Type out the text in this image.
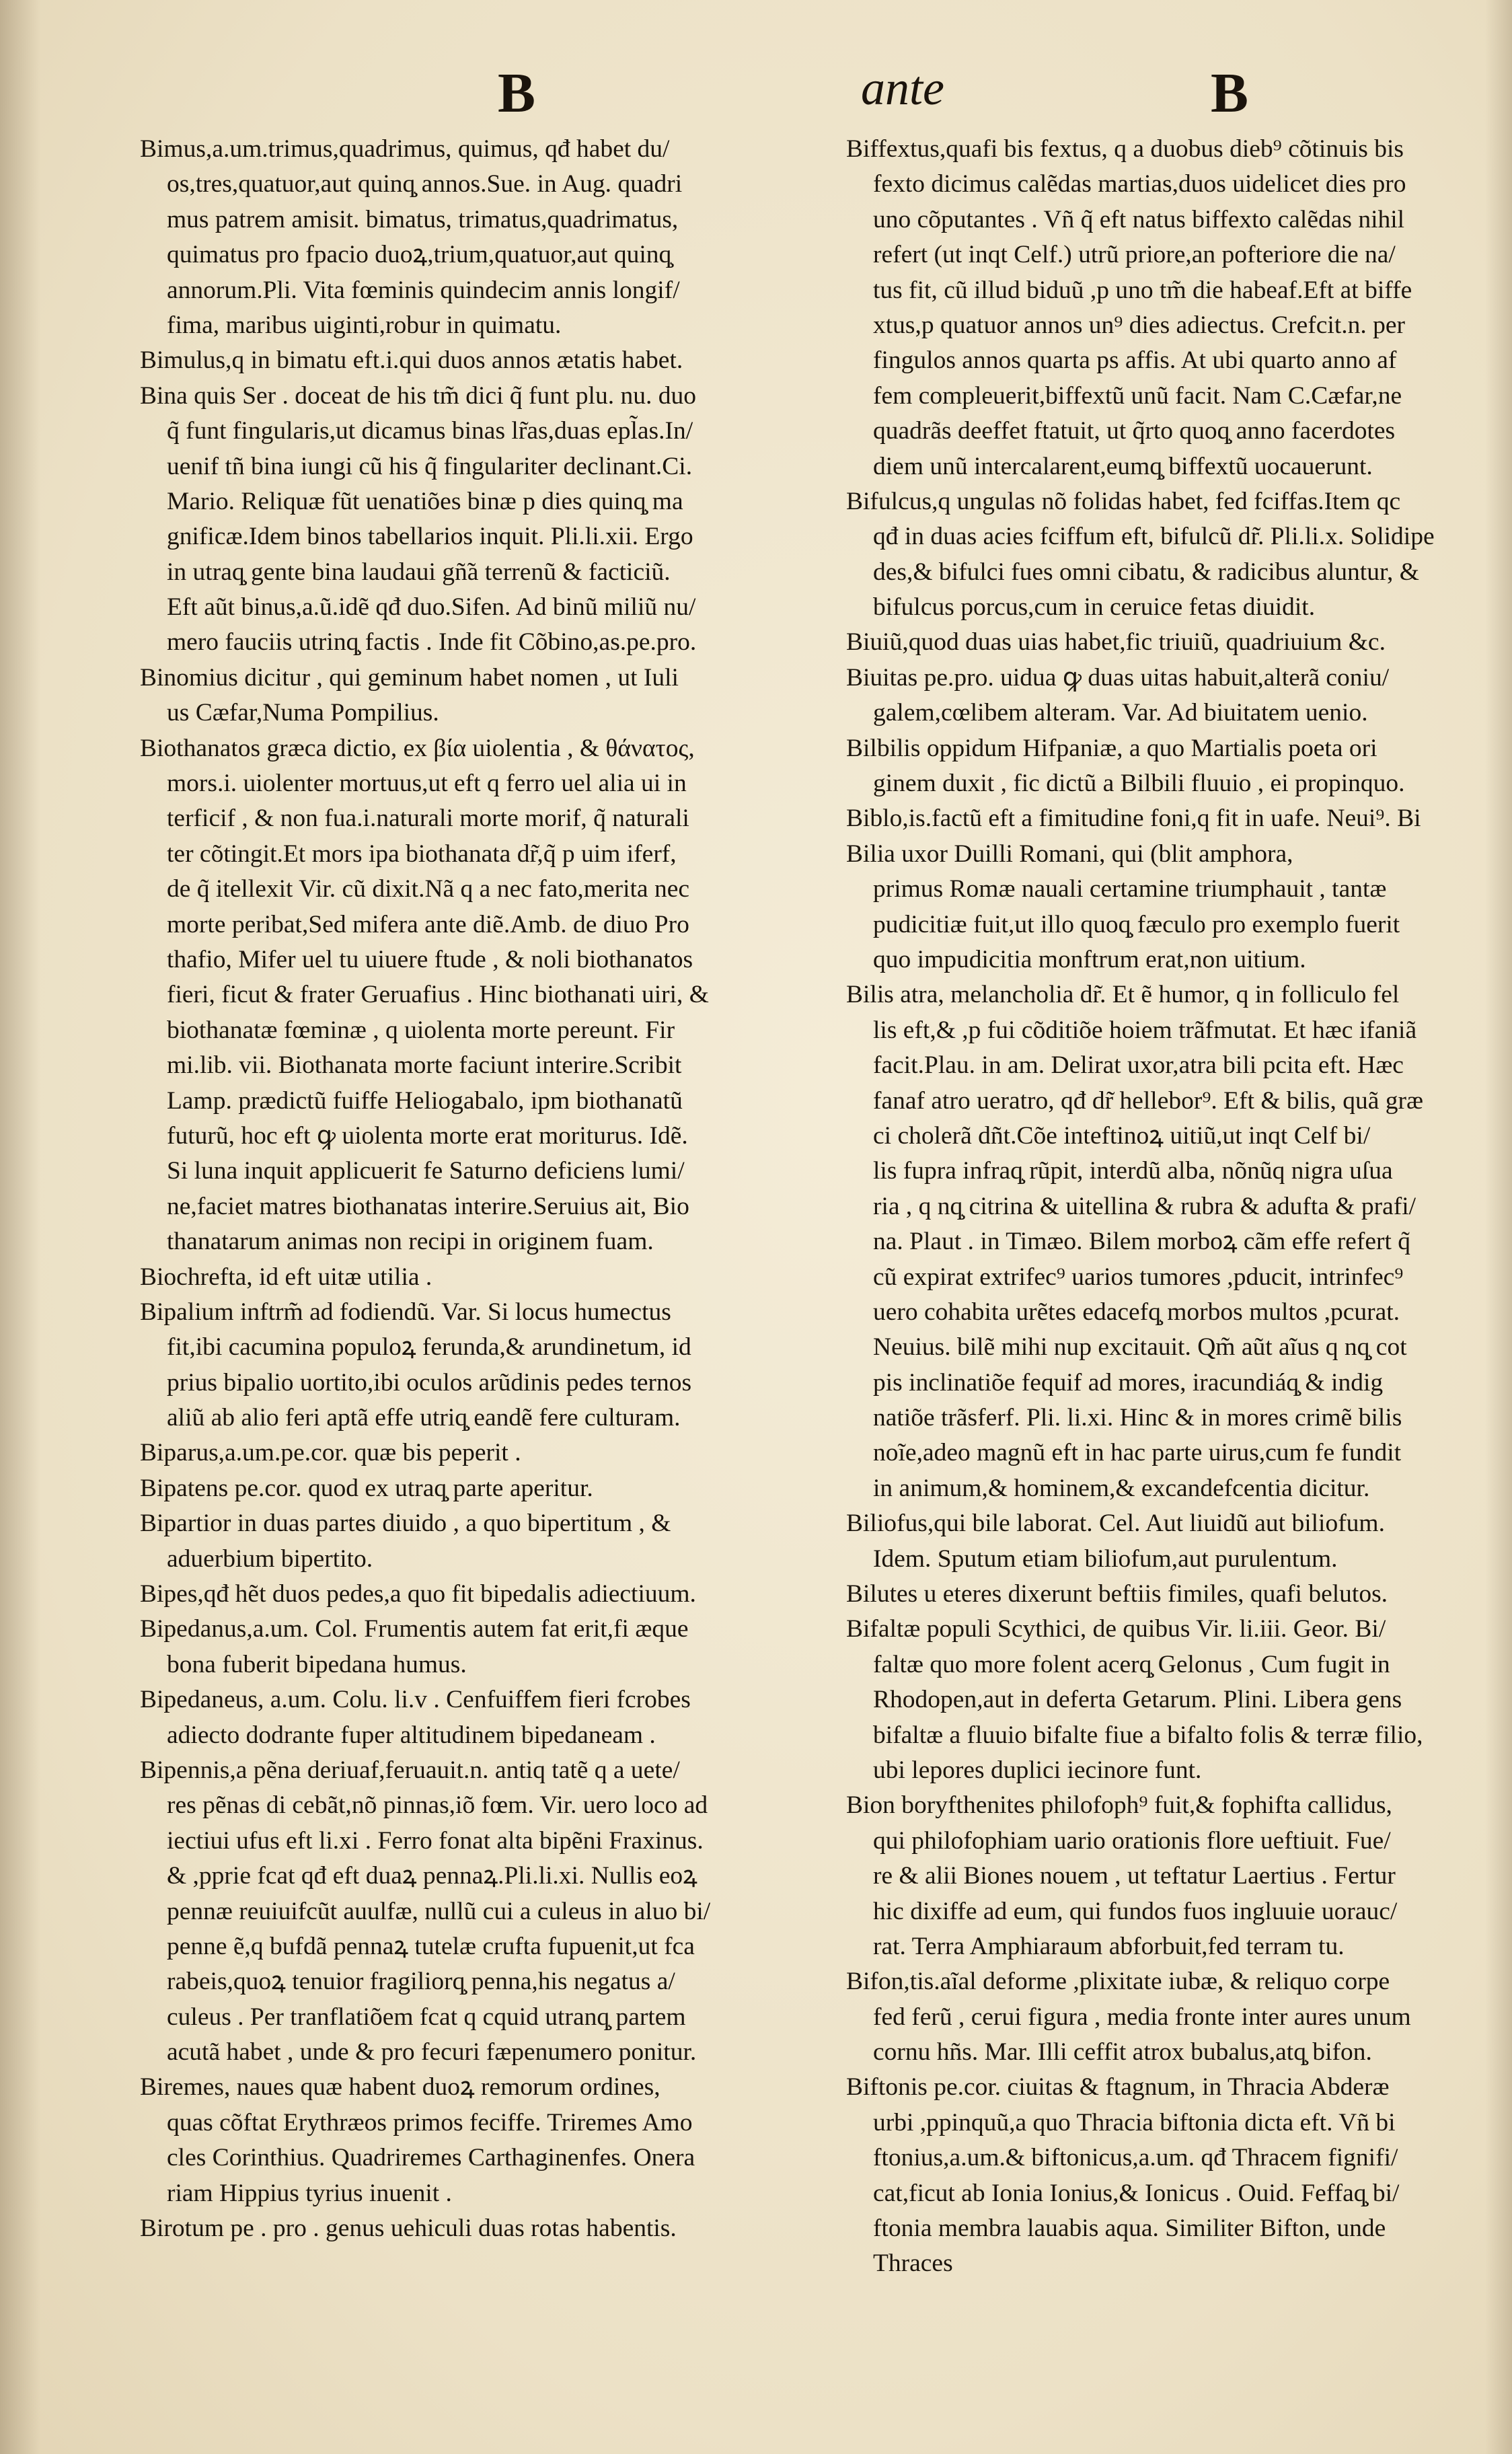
B	ante	B
Bimus,a.um.trimus,quadrimus, quimus, qđ habet du/
os,tres,quatuor,aut quinq̧ annos.Sue. in Aug. quadri
mus patrem amisit. bimatus, trimatus,quadrimatus,
quimatus pro fpacio duoꝝ,trium,quatuor,aut quinq̧
annorum.Pli. Vita fœminis quindecim annis longif/
fima, maribus uiginti,robur in quimatu.
Bimulus,q in bimatu eft.i.qui duos annos ætatis habet.
Bina quis Ser . doceat de his tm̃ dici q̃ funt plu. nu. duo
q̃ funt fingularis,ut dicamus binas lr̃as,duas epl̃as.In/
uenif tñ bina iungi cũ his q̃ fingulariter declinant.Ci.
Mario. Reliquæ fũt uenatiões binæ p dies quinq̧ ma
gnificæ.Idem binos tabellarios inquit. Pli.li.xii. Ergo
in utraq̧ gente bina laudaui gñ̃a terrenũ & facticiũ.
Eft aũt binus,a.ũ.idẽ qđ duo.Sifen. Ad binũ miliũ nu/
mero fauciis utrinq̧ factis . Inde fit Cõbino,as.pe.pro.
Binomius dicitur , qui geminum habet nomen , ut Iuli
us Cæfar,Numa Pompilius.
Biothanatos græca dictio, ex βία uiolentia , & θάνατος,
mors.i. uiolenter mortuus,ut eft q ferro uel alia ui in
terficif , & non fua.i.naturali morte morif, q̃ naturali
ter cõtingit.Et mors ipa biothanata dr̃,q̃ p uim iferf,
de q̃ itellexit Vir. cũ dixit.Nã q a nec fato,merita nec
morte peribat,Sed mifera ante diẽ.Amb. de diuo Pro
thafio, Mifer uel tu uiuere ftude , & noli biothanatos
fieri, ficut & frater Geruafius . Hinc biothanati uiri, &
biothanatæ fœminæ , q uiolenta morte pereunt. Fir
mi.lib. vii. Biothanata morte faciunt interire.Scribit
Lamp. prædictũ fuiffe Heliogabalo, ipm biothanatũ
futurũ, hoc eft ꝙ uiolenta morte erat moriturus. Idẽ.
Si luna inquit applicuerit fe Saturno deficiens lumi/
ne,faciet matres biothanatas interire.Seruius ait, Bio
thanatarum animas non recipi in originem fuam.
Biochrefta, id eft uitæ utilia .
Bipalium inftrm̃ ad fodiendũ. Var. Si locus humectus
fit,ibi cacumina populoꝝ ferunda,& arundinetum, id
prius bipalio uortito,ibi oculos arũdinis pedes ternos
aliũ ab alio feri aptã effe utriq̧ eandẽ fere culturam.
Biparus,a.um.pe.cor. quæ bis peperit .
Bipatens pe.cor. quod ex utraq̧ parte aperitur.
Bipartior in duas partes diuido , a quo bipertitum , &
aduerbium bipertito.
Bipes,qđ hẽt duos pedes,a quo fit bipedalis adiectiuum.
Bipedanus,a.um. Col. Frumentis autem fat erit,fi æque
bona fuberit bipedana humus.
Bipedaneus, a.um. Colu. li.v . Cenfuiffem fieri fcrobes
adiecto dodrante fuper altitudinem bipedaneam .
Bipennis,a pẽna deriuaf,feruauit.n. antiq tatẽ q a uete/
res pẽnas di cebãt,nõ pinnas,iõ fœm. Vir. uero loco ad
iectiui ufus eft li.xi . Ferro fonat alta bipẽni Fraxinus.
& ,pprie fcat qđ eft duaꝝ pennaꝝ.Pli.li.xi. Nullis eoꝝ
pennæ reuiuifcũt auulfæ, nullũ cui a culeus in aluo bi/
penne ẽ,q bufdã pennaꝝ tutelæ crufta fupuenit,ut fca
rabeis,quoꝝ tenuior fragiliorq̧ penna,his negatus a/
culeus . Per tranflatiõem fcat q cquid utranq̧ partem
acutã habet , unde & pro fecuri fæpenumero ponitur.
Biremes, naues quæ habent duoꝝ remorum ordines,
quas cõftat Erythræos primos feciffe. Triremes Amo
cles Corinthius. Quadriremes Carthaginenfes. Onera
riam Hippius tyrius inuenit .
Birotum pe . pro . genus uehiculi duas rotas habentis.
Biffextus,quafi bis fextus, q a duobus dieb⁹ cõtinuis bis
fexto dicimus calẽdas martias,duos uidelicet dies pro
uno cõputantes . Vñ q̃ eft natus biffexto calẽdas nihil
refert (ut inqt Celf.) utrũ priore,an pofteriore die na/
tus fit, cũ illud biduũ ,p uno tm̃ die habeaf.Eft at biffe
xtus,p quatuor annos un⁹ dies adiectus. Crefcit.n. per
fingulos annos quarta ps affis. At ubi quarto anno af
fem compleuerit,biffextũ unũ facit. Nam C.Cæfar,ne
quadrãs deeffet ftatuit, ut q̃rto quoq̧ anno facerdotes
diem unũ intercalarent,eumq̧ biffextũ uocauerunt.
Bifulcus,q ungulas nõ folidas habet, fed fciffas.Item qc
qđ in duas acies fciffum eft, bifulcũ dr̃. Pli.li.x. Solidipe
des,& bifulci fues omni cibatu, & radicibus aluntur, &
bifulcus porcus,cum in ceruice fetas diuidit.
Biuiũ,quod duas uias habet,fic triuiũ, quadriuium &c.
Biuitas pe.pro. uidua ꝙ duas uitas habuit,alterã coniu/
galem,cœlibem alteram. Var. Ad biuitatem uenio.
Bilbilis oppidum Hifpaniæ, a quo Martialis poeta ori
ginem duxit , fic dictũ a Bilbili fluuio , ei propinquo.
Biblo,is.factũ eft a fimitudine foni,q fit in uafe. Neui⁹. Bi
Bilia uxor Duilli Romani, qui (blit amphora,
primus Romæ nauali certamine triumphauit , tantæ
pudicitiæ fuit,ut illo quoq̧ fæculo pro exemplo fuerit
quo impudicitia monftrum erat,non uitium.
Bilis atra, melancholia dr̃. Et ẽ humor, q in folliculo fel
lis eft,& ,p fui cõditiõe hoiem trãfmutat. Et hæc ifaniã
facit.Plau. in am. Delirat uxor,atra bili pcita eft. Hæc
fanaf atro ueratro, qđ dr̃ hellebor⁹. Eft & bilis, quã græ
ci cholerã dñt.Cõe inteftinoꝝ uitiũ,ut inqt Celf bi/
lis fupra infraq̧ rũpit, interdũ alba, nõnũq nigra uſua
ria , q nq̧ citrina & uitellina & rubra & adufta & prafi/
na. Plaut . in Timæo. Bilem morboꝝ cãm effe refert q̃
cũ expirat extrifec⁹ uarios tumores ,pducit, intrinfec⁹
uero cohabita urẽtes edacefq̧ morbos multos ,pcurat.
Neuius. bilẽ mihi nup excitauit. Qm̃ aũt aĩus q nq̧ cot
pis inclinatiõe fequif ad mores, iracundiáq̧ & indig
natiõe trãsferf. Pli. li.xi. Hinc & in mores crimẽ bilis
noĩe,adeo magnũ eft in hac parte uirus,cum fe fundit
in animum,& hominem,& excandefcentia dicitur.
Biliofus,qui bile laborat. Cel. Aut liuidũ aut biliofum.
Idem. Sputum etiam biliofum,aut purulentum.
Bilutes u eteres dixerunt beftiis fimiles, quafi belutos.
Bifaltæ populi Scythici, de quibus Vir. li.iii. Geor. Bi/
faltæ quo more folent acerq̧ Gelonus , Cum fugit in
Rhodopen,aut in deferta Getarum. Plini. Libera gens
bifaltæ a fluuio bifalte fiue a bifalto folis & terræ filio,
ubi lepores duplici iecinore funt.
Bion boryfthenites philofoph⁹ fuit,& fophifta callidus,
qui philofophiam uario orationis flore ueftiuit. Fue/
re & alii Biones nouem , ut teftatur Laertius . Fertur
hic dixiffe ad eum, qui fundos fuos ingluuie uorauc/
rat. Terra Amphiaraum abforbuit,fed terram tu.
Bifon,tis.aĩal deforme ,plixitate iubæ, & reliquo corpe
fed ferũ , cerui figura , media fronte inter aures unum
cornu hñs. Mar. Illi ceffit atrox bubalus,atq̧ bifon.
Biftonis pe.cor. ciuitas & ftagnum, in Thracia Abderæ
urbi ,ppinquũ,a quo Thracia biftonia dicta eft. Vñ bi
ftonius,a.um.& biftonicus,a.um. qđ Thracem fignifi/
cat,ficut ab Ionia Ionius,& Ionicus . Ouid. Feffaq̧ bi/
ftonia membra lauabis aqua. Similiter Bifton, unde
Thraces
